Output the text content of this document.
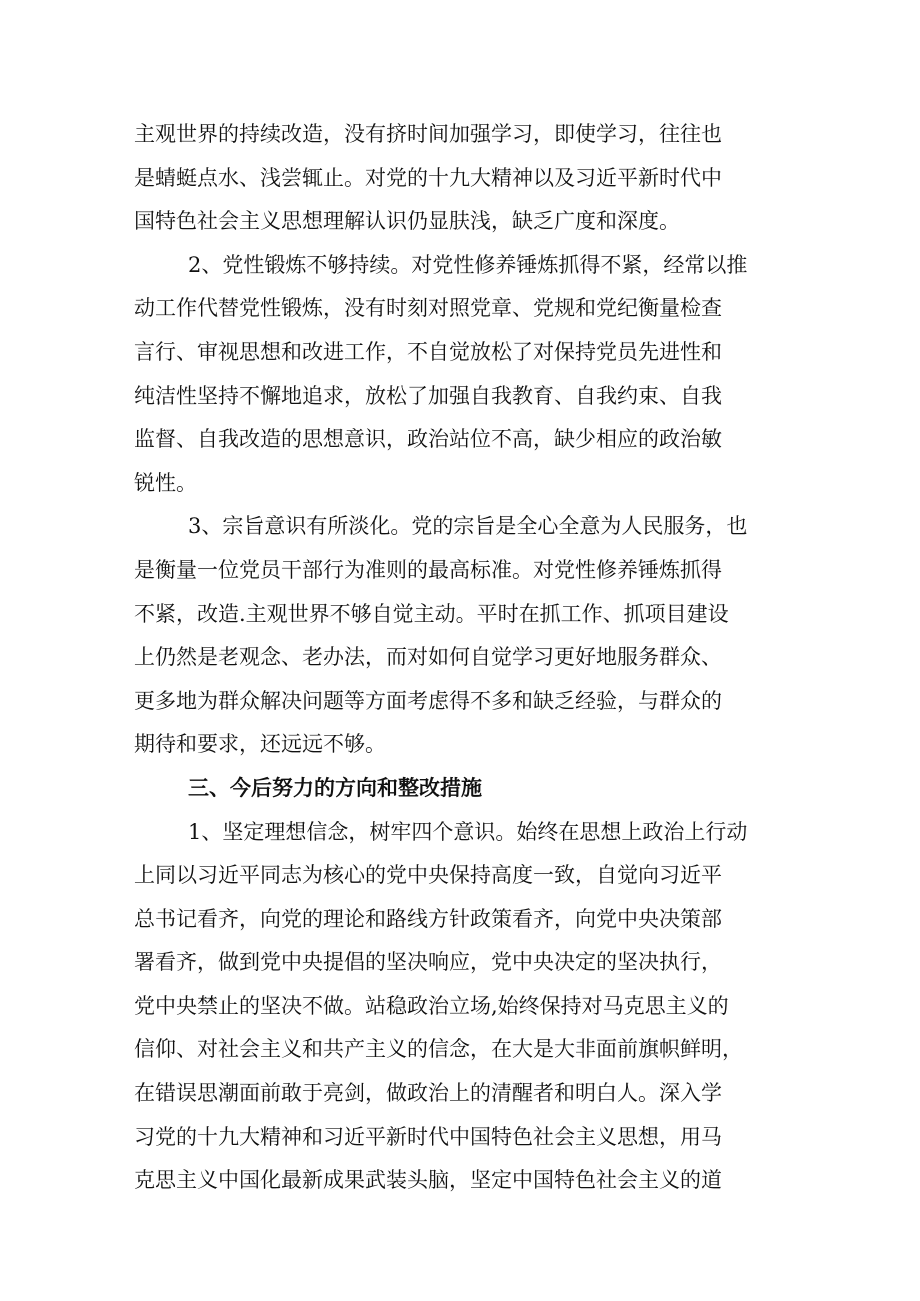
主观世界的持续改造，没有挤时间加强学习，即使学习，往往也
是蜻蜓点水、浅尝辄止。对党的十九大精神以及习近平新时代中
国特色社会主义思想理解认识仍显肤浅，缺乏广度和深度。
2、党性锻炼不够持续。对党性修养锤炼抓得不紧，经常以推
动工作代替党性锻炼，没有时刻对照党章、党规和党纪衡量检查
言行、审视思想和改进工作，不自觉放松了对保持党员先进性和
纯洁性坚持不懈地追求，放松了加强自我教育、自我约束、自我
监督、自我改造的思想意识，政治站位不高，缺少相应的政治敏
锐性。
3、宗旨意识有所淡化。党的宗旨是全心全意为人民服务，也
是衡量一位党员干部行为准则的最高标准。对党性修养锤炼抓得
不紧，改造.主观世界不够自觉主动。平时在抓工作、抓项目建设
上仍然是老观念、老办法，而对如何自觉学习更好地服务群众、
更多地为群众解决问题等方面考虑得不多和缺乏经验，与群众的
期待和要求，还远远不够。
三、今后努力的方向和整改措施
1、坚定理想信念，树牢四个意识。始终在思想上政治上行动
上同以习近平同志为核心的党中央保持高度一致，自觉向习近平
总书记看齐，向党的理论和路线方针政策看齐，向党中央决策部
署看齐，做到党中央提倡的坚决响应，党中央决定的坚决执行，
党中央禁止的坚决不做。站稳政治立场,始终保持对马克思主义的
信仰、对社会主义和共产主义的信念，在大是大非面前旗帜鲜明，
在错误思潮面前敢于亮剑，做政治上的清醒者和明白人。深入学
习党的十九大精神和习近平新时代中国特色社会主义思想，用马
克思主义中国化最新成果武装头脑，坚定中国特色社会主义的道
